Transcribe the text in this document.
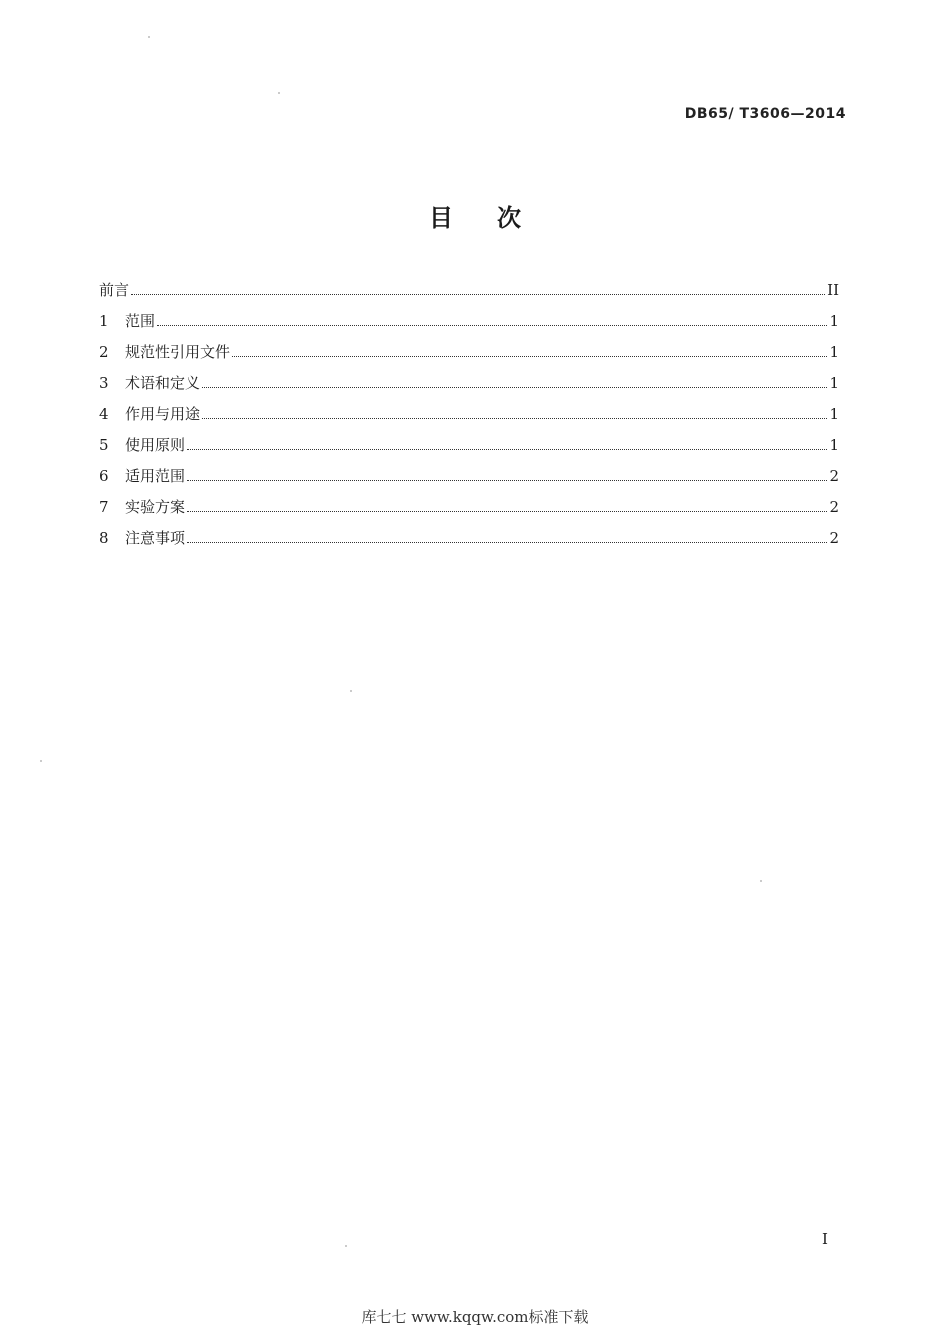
DB65/ T3606—2014
目次
前言	II
1	范围	1
2	规范性引用文件	1
3	术语和定义	1
4	作用与用途	1
5	使用原则	1
6	适用范围	2
7	实验方案	2
8	注意事项	2
I
库七七 www.kqqw.com标准下载
